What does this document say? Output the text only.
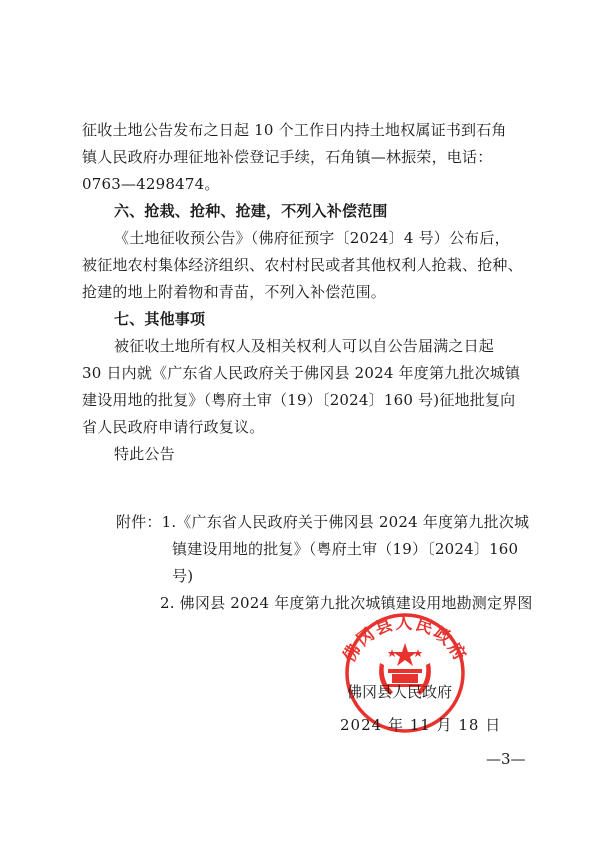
征收土地公告发布之日起 10 个工作日内持土地权属证书到石角
镇人民政府办理征地补偿登记手续，石角镇—林振荣，电话：
0763—4298474。
六、抢栽、抢种、抢建，不列入补偿范围
《土地征收预公告》（佛府征预字〔2024〕4 号）公布后，
被征地农村集体经济组织、农村村民或者其他权利人抢栽、抢种、
抢建的地上附着物和青苗，不列入补偿范围。
七、其他事项
被征收土地所有权人及相关权利人可以自公告届满之日起
30 日内就《广东省人民政府关于佛冈县 2024 年度第九批次城镇
建设用地的批复》（粤府土审（19）〔2024〕160 号)征地批复向
省人民政府申请行政复议。
特此公告
附件：1.《广东省人民政府关于佛冈县 2024 年度第九批次城
镇建设用地的批复》（粤府土审（19）〔2024〕160
号)
2. 佛冈县 2024 年度第九批次城镇建设用地勘测定界图
佛冈县人民政府
佛冈县人民政府
2024 年 11 月 18 日
—3—
